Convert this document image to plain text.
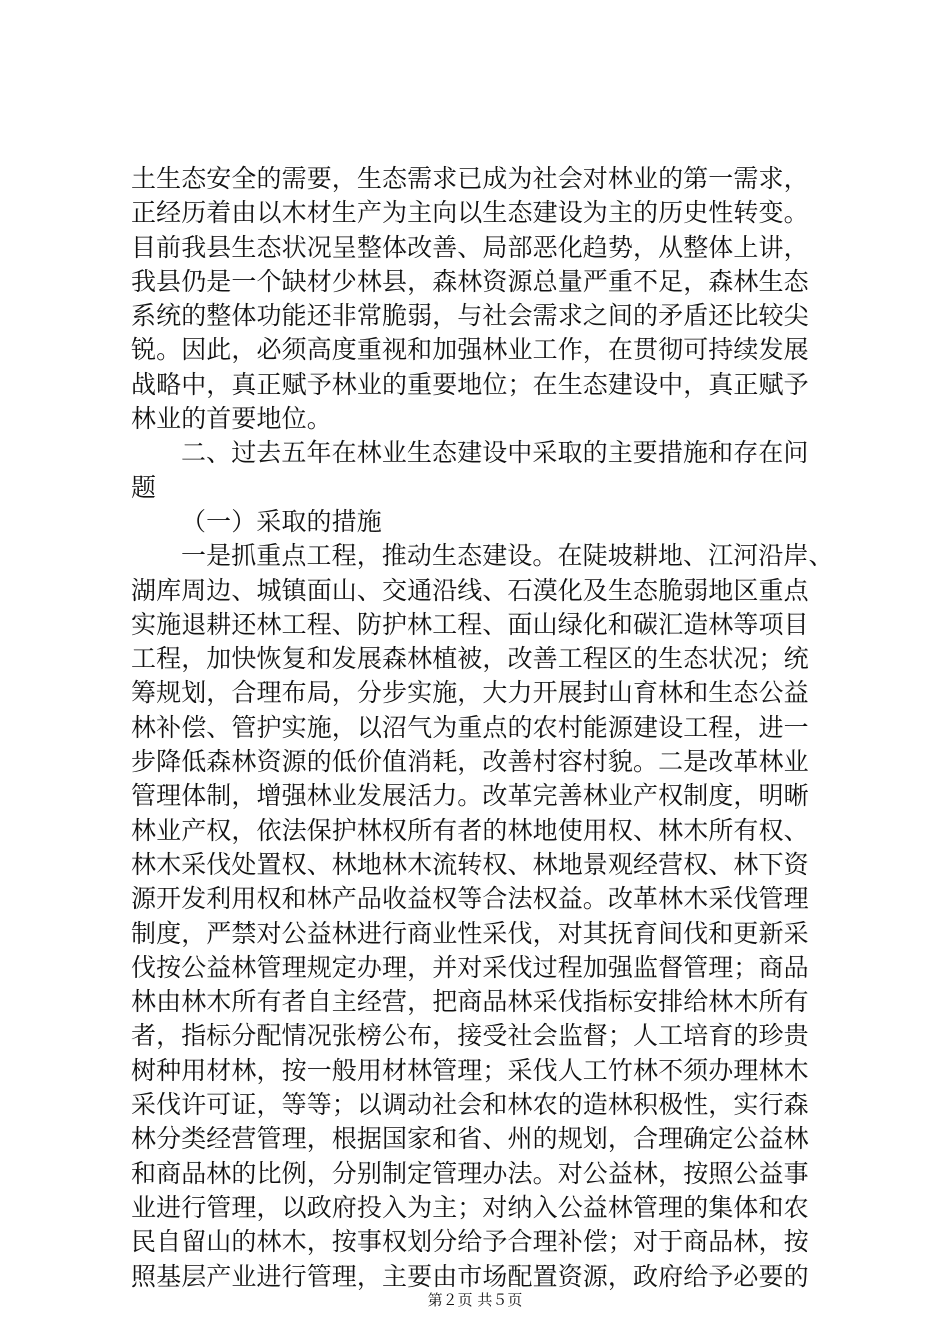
土生态安全的需要，生态需求已成为社会对林业的第一需求，
正经历着由以木材生产为主向以生态建设为主的历史性转变。
目前我县生态状况呈整体改善、局部恶化趋势，从整体上讲，
我县仍是一个缺材少林县，森林资源总量严重不足，森林生态
系统的整体功能还非常脆弱，与社会需求之间的矛盾还比较尖
锐。因此，必须高度重视和加强林业工作，在贯彻可持续发展
战略中，真正赋予林业的重要地位；在生态建设中，真正赋予
林业的首要地位。
二、过去五年在林业生态建设中采取的主要措施和存在问
题
（一）采取的措施
一是抓重点工程，推动生态建设。在陡坡耕地、江河沿岸、
湖库周边、城镇面山、交通沿线、石漠化及生态脆弱地区重点
实施退耕还林工程、防护林工程、面山绿化和碳汇造林等项目
工程，加快恢复和发展森林植被，改善工程区的生态状况；统
筹规划，合理布局，分步实施，大力开展封山育林和生态公益
林补偿、管护实施，以沼气为重点的农村能源建设工程，进一
步降低森林资源的低价值消耗，改善村容村貌。二是改革林业
管理体制，增强林业发展活力。改革完善林业产权制度，明晰
林业产权，依法保护林权所有者的林地使用权、林木所有权、
林木采伐处置权、林地林木流转权、林地景观经营权、林下资
源开发利用权和林产品收益权等合法权益。改革林木采伐管理
制度，严禁对公益林进行商业性采伐，对其抚育间伐和更新采
伐按公益林管理规定办理，并对采伐过程加强监督管理；商品
林由林木所有者自主经营，把商品林采伐指标安排给林木所有
者，指标分配情况张榜公布，接受社会监督；人工培育的珍贵
树种用材林，按一般用材林管理；采伐人工竹林不须办理林木
采伐许可证，等等；以调动社会和林农的造林积极性，实行森
林分类经营管理，根据国家和省、州的规划，合理确定公益林
和商品林的比例，分别制定管理办法。对公益林，按照公益事
业进行管理，以政府投入为主；对纳入公益林管理的集体和农
民自留山的林木，按事权划分给予合理补偿；对于商品林，按
照基层产业进行管理，主要由市场配置资源，政府给予必要的
第２页 共５页
